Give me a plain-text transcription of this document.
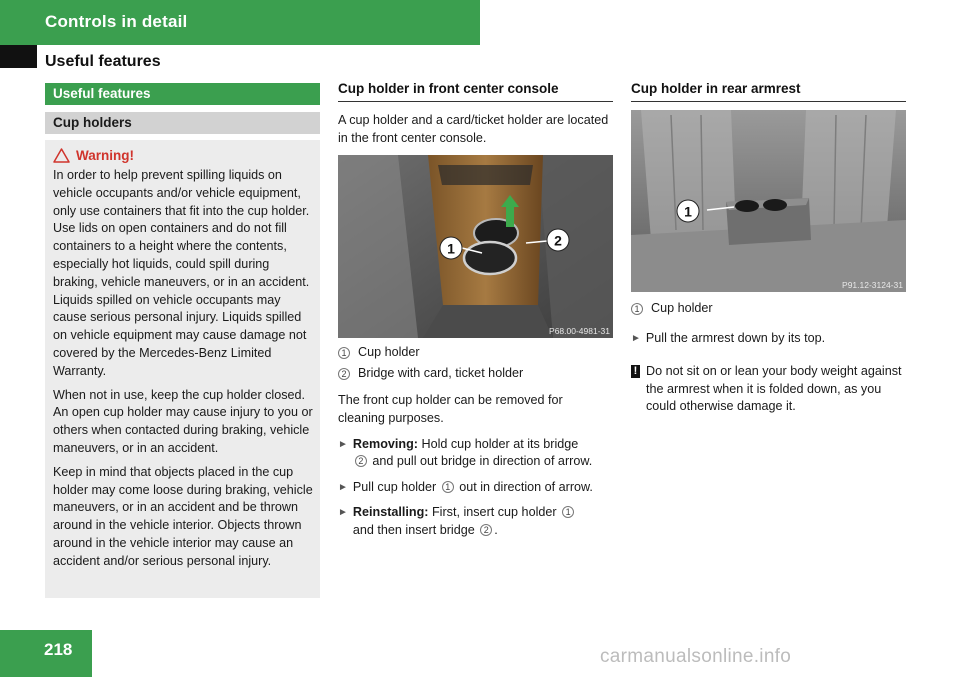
Controls in detail
Useful features
Useful features
Cup holders
Warning!

In order to help prevent spilling liquids on vehicle occupants and/or vehicle equipment, only use containers that fit into the cup holder. Use lids on open containers and do not fill containers to a height where the contents, especially hot liquids, could spill during braking, vehicle maneuvers, or in an accident. Liquids spilled on vehicle occupants may cause serious personal injury. Liquids spilled on vehicle equipment may cause damage not covered by the Mercedes-Benz Limited Warranty.

When not in use, keep the cup holder closed. An open cup holder may cause injury to you or others when contacted during braking, vehicle maneuvers, or in an accident.

Keep in mind that objects placed in the cup holder may come loose during braking, vehicle maneuvers, or in an accident and be thrown around in the vehicle interior. Objects thrown around in the vehicle interior may cause an accident and/or serious personal injury.

Cup holder in front center console

A cup holder and a card/ticket holder are located in the front center console.

1	2
P68.00-4981-31
1 Cup holder
2 Bridge with card, ticket holder

The front cup holder can be removed for cleaning purposes.

► Removing: Hold cup holder at its bridge
2 and pull out bridge in direction of arrow.
► Pull cup holder 1 out in direction of arrow.
► Reinstalling: First, insert cup holder 1
and then insert bridge 2 .
Cup holder in rear armrest
1
P91.12-3124-31
1 Cup holder
► Pull the armrest down by its top.
! Do not sit on or lean your body weight against the armrest when it is folded down, as you could otherwise damage it.
218	carmanualsonline.info
